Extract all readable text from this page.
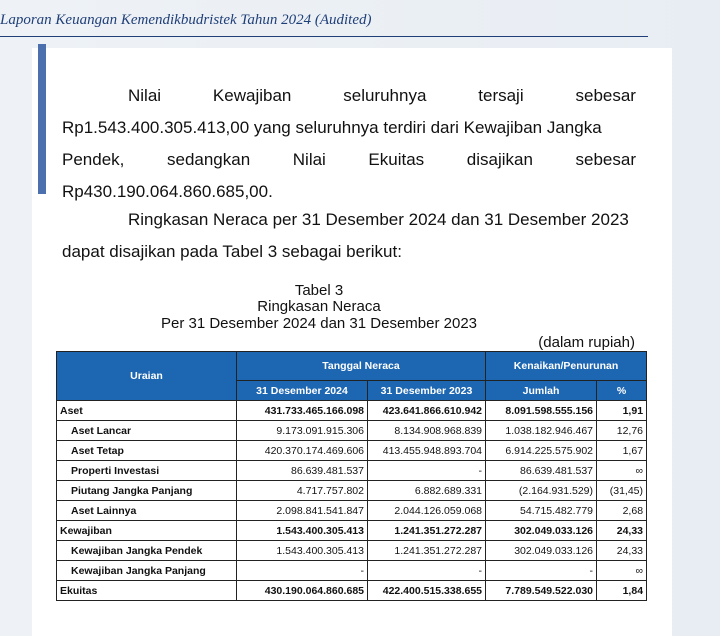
Laporan Keuangan Kemendikbudristek Tahun 2024 (Audited)
Nilai	Kewajiban	seluruhnya	tersaji	sebesar
Rp1.543.400.305.413,00 yang seluruhnya terdiri dari Kewajiban Jangka
Pendek,	sedangkan	Nilai	Ekuitas	disajikan	sebesar
Rp430.190.064.860.685,00.
Ringkasan Neraca per 31 Desember 2024 dan 31 Desember 2023
dapat disajikan pada Tabel 3 sebagai berikut:
Tabel 3
Ringkasan Neraca
Per 31 Desember 2024 dan 31 Desember 2023
(dalam rupiah)
Uraian	Tanggal Neraca		Kenaikan/Penurunan	
	31 Desember 2024	31 Desember 2023	Jumlah	%
Aset	431.733.465.166.098	423.641.866.610.942	8.091.598.555.156	1,91
Aset Lancar	9.173.091.915.306	8.134.908.968.839	1.038.182.946.467	12,76
Aset Tetap	420.370.174.469.606	413.455.948.893.704	6.914.225.575.902	1,67
Properti Investasi	86.639.481.537	-	86.639.481.537	∞
Piutang Jangka Panjang	4.717.757.802	6.882.689.331	(2.164.931.529)	(31,45)
Aset Lainnya	2.098.841.541.847	2.044.126.059.068	54.715.482.779	2,68
Kewajiban	1.543.400.305.413	1.241.351.272.287	302.049.033.126	24,33
Kewajiban Jangka Pendek	1.543.400.305.413	1.241.351.272.287	302.049.033.126	24,33
Kewajiban Jangka Panjang	-	-	-	∞
Ekuitas	430.190.064.860.685	422.400.515.338.655	7.789.549.522.030	1,84
